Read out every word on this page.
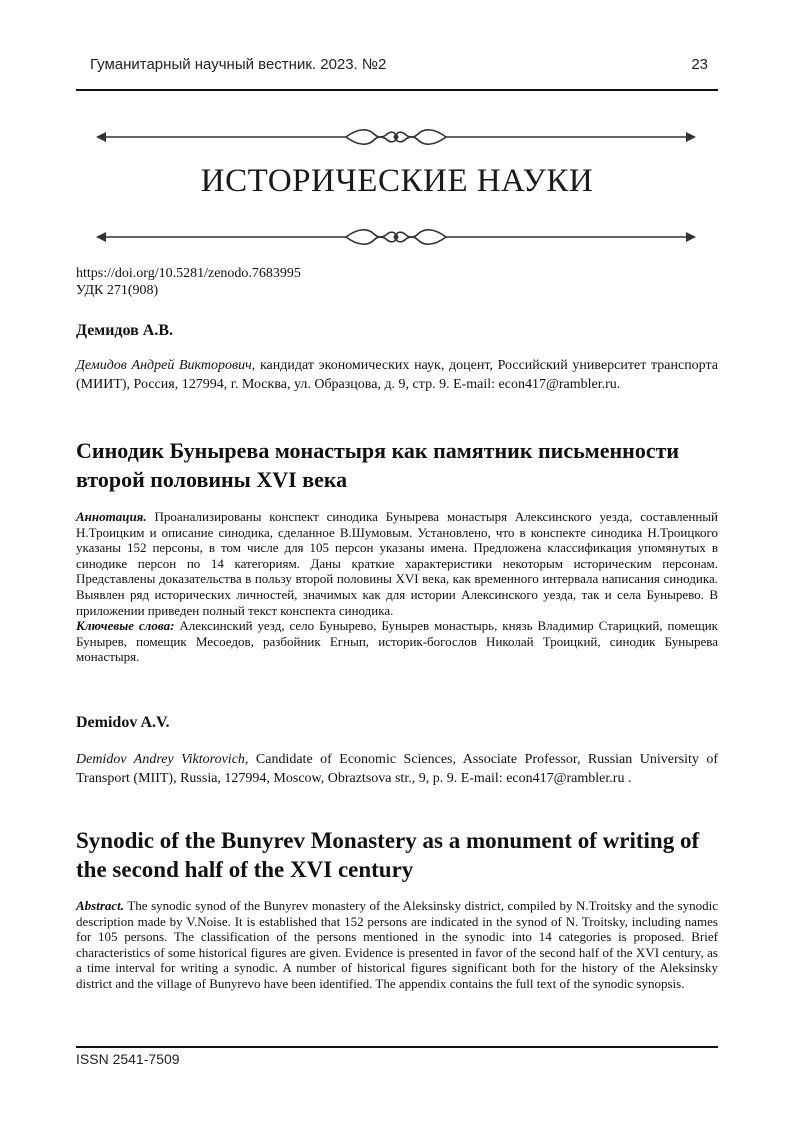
Гуманитарный научный вестник. 2023. №2	23
ИСТОРИЧЕСКИЕ НАУКИ
https://doi.org/10.5281/zenodo.7683995
УДК 271(908)
Демидов А.В.
Демидов Андрей Викторович, кандидат экономических наук, доцент, Российский университет транспорта (МИИТ), Россия, 127994, г. Москва, ул. Образцова, д. 9, стр. 9. E-mail: econ417@rambler.ru.
Синодик Бунырева монастыря как памятник письменности второй половины XVI века

Аннотация. Проанализированы конспект синодика Бунырева монастыря Алексинского уезда, составленный Н.Троицким и описание синодика, сделанное В.Шумовым. Установлено, что в конспекте синодика Н.Троицкого указаны 152 персоны, в том числе для 105 персон указаны имена. Предложена классификация упомянутых в синодике персон по 14 категориям. Даны краткие характеристики некоторым историческим персонам. Представлены доказательства в пользу второй половины XVI века, как временного интервала написания синодика. Выявлен ряд исторических личностей, значимых как для истории Алексинского уезда, так и села Бунырево. В приложении приведен полный текст конспекта синодика.

Ключевые слова: Алексинский уезд, село Бунырево, Бунырев монастырь, князь Владимир Старицкий, помещик Бунырев, помещик Месоедов, разбойник Егнып, историк-богослов Николай Троицкий, синодик Бунырева монастыря.

Demidov A.V.
Demidov Andrey Viktorovich, Candidate of Economic Sciences, Associate Professor, Russian University of Transport (MIIT), Russia, 127994, Moscow, Obraztsova str., 9, p. 9. E-mail: econ417@rambler.ru .
Synodic of the Bunyrev Monastery as a monument of writing of the second half of the XVI century

Abstract. The synodic synod of the Bunyrev monastery of the Aleksinsky district, compiled by N.Troitsky and the synodic description made by V.Noise. It is established that 152 persons are indicated in the synod of N. Troitsky, including names for 105 persons. The classification of the persons mentioned in the synodic into 14 categories is proposed. Brief characteristics of some historical figures are given. Evidence is presented in favor of the second half of the XVI century, as a time interval for writing a synodic. A number of historical figures significant both for the history of the Aleksinsky district and the village of Bunyrevo have been identified. The appendix contains the full text of the synodic synopsis.

ISSN 2541-7509
